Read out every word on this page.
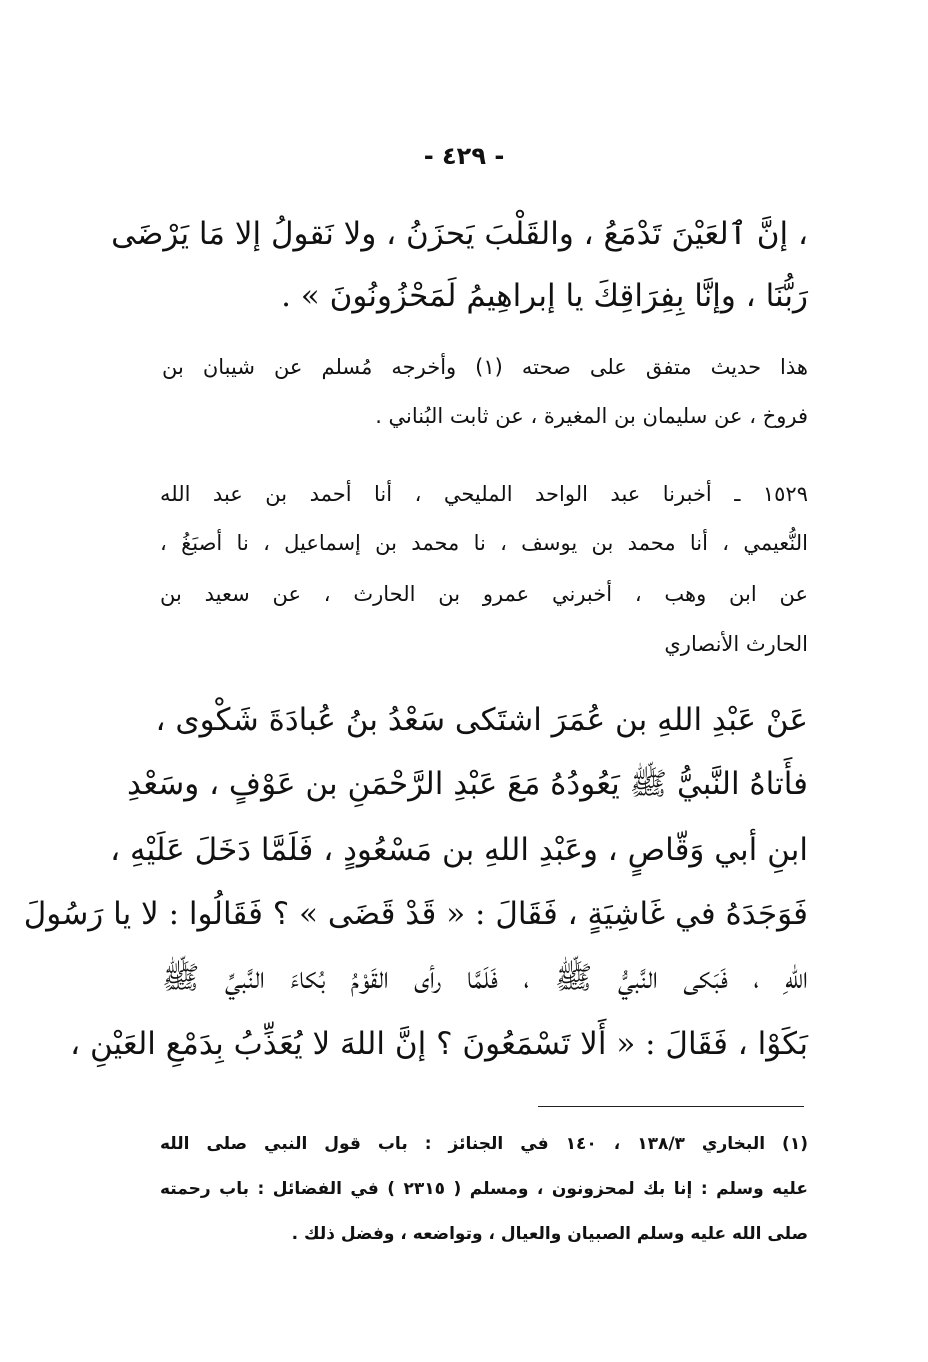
- ٤٢٩ -
، إنَّ ٱلعَيْنَ تَدْمَعُ ، والقَلْبَ يَحزَنُ ، ولا نَقولُ إلا مَا يَرْضَى
رَبُّنَا ، وإنَّا بِفِرَاقِكَ يا إبراهِيمُ لَمَحْزُونُونَ » .
هذا حديث متفق على صحته (١) وأخرجه مُسلم عن شيبان بن
فروخ ، عن سليمان بن المغيرة ، عن ثابت البُناني .
١٥٢٩ ـ أخبرنا عبد الواحد المليحي ، أنا أحمد بن عبد الله
النُّعيمي ، أنا محمد بن يوسف ، نا محمد بن إسماعيل ، نا أصبَغُ ،
عن ابن وهب ، أخبرني عمرو بن الحارث ، عن سعيد بن
الحارث الأنصاري
عَنْ عَبْدِ اللهِ بن عُمَرَ اشتَكى سَعْدُ بنُ عُبادَةَ شَكْوى ،
فأَتاهُ النَّبيُّ ﷺ يَعُودُهُ مَعَ عَبْدِ الرَّحْمَنِ بن عَوْفٍ ، وسَعْدِ
ابنِ أبي وَقّاصٍ ، وعَبْدِ اللهِ بن مَسْعُودٍ ، فَلَمَّا دَخَلَ عَلَيْهِ ،
فَوَجَدَهُ في غَاشِيَةٍ ، فَقَالَ : « قَدْ قَضَى » ؟ فَقَالُوا : لا يا رَسُولَ
اللهِ ، فَبَكى النَّبيُّ ﷺ ، فَلَمَّا رأى القَوْمُ بُكاءَ النَّبيِّ ﷺ
بَكَوْا ، فَقَالَ : « أَلا تَسْمَعُونَ ؟ إنَّ اللهَ لا يُعَذِّبُ بِدَمْعِ العَيْنِ ،
(١) البخاري ١٣٨/٣ ، ١٤٠ في الجنائز : باب قول النبي صلى الله
عليه وسلم : إنا بك لمحزونون ، ومسلم ( ٢٣١٥ ) في الفضائل : باب رحمته
صلى الله عليه وسلم الصبيان والعيال ، وتواضعه ، وفضل ذلك .
